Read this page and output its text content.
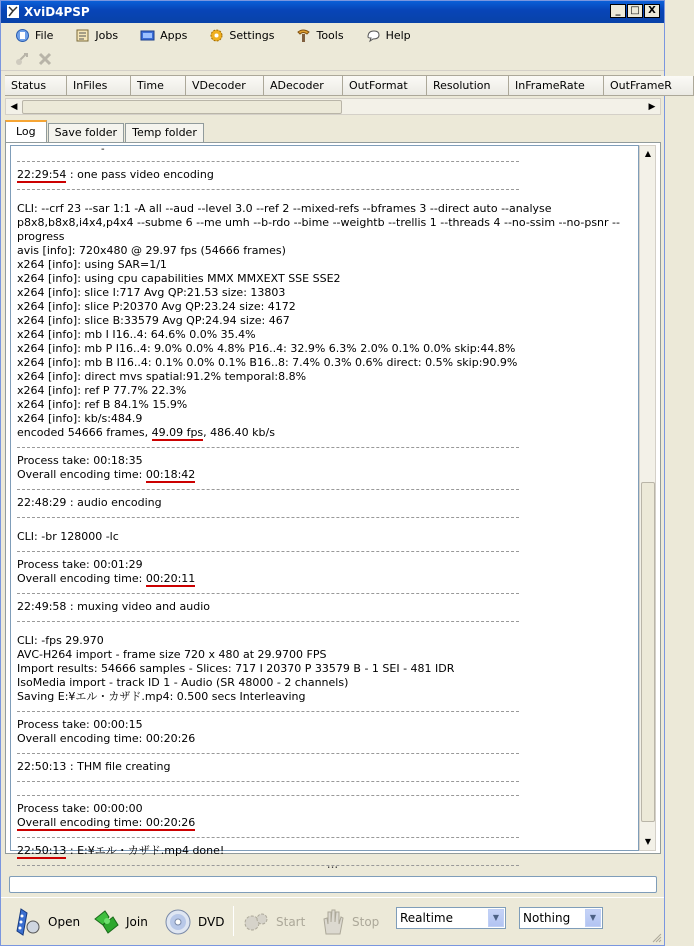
XviD4PSP	_ □ X
File	Jobs	Apps	Settings	Tools	Help
Status	InFiles	Time	VDecoder	ADecoder	OutFormat	Resolution	InFrameRate	OutFrameR
◀	▶
Log	Save folder	Temp folder
-
22:29:54 : one pass video encoding
CLI: --crf 23 --sar 1:1 -A all --aud --level 3.0 --ref 2 --mixed-refs --bframes 3 --direct auto --analyse p8x8,b8x8,i4x4,p4x4 --subme 6 --me umh --b-rdo --bime --weightb --trellis 1 --threads 4 --no-ssim --no-psnr --progress
avis [info]: 720x480 @ 29.97 fps (54666 frames)
x264 [info]: using SAR=1/1
x264 [info]: using cpu capabilities MMX MMXEXT SSE SSE2
x264 [info]: slice I:717 Avg QP:21.53 size: 13803
x264 [info]: slice P:20370 Avg QP:23.24 size: 4172
x264 [info]: slice B:33579 Avg QP:24.94 size: 467
x264 [info]: mb I I16..4: 64.6% 0.0% 35.4%
x264 [info]: mb P I16..4: 9.0% 0.0% 4.8% P16..4: 32.9% 6.3% 2.0% 0.1% 0.0% skip:44.8%
x264 [info]: mb B I16..4: 0.1% 0.0% 0.1% B16..8: 7.4% 0.3% 0.6% direct: 0.5% skip:90.9%
x264 [info]: direct mvs spatial:91.2% temporal:8.8%
x264 [info]: ref P 77.7% 22.3%
x264 [info]: ref B 84.1% 15.9%
x264 [info]: kb/s:484.9
encoded 54666 frames, 49.09 fps, 486.40 kb/s
Process take: 00:18:35
Overall encoding time: 00:18:42
22:48:29 : audio encoding
CLI: -br 128000 -lc
Process take: 00:01:29
Overall encoding time: 00:20:11
22:49:58 : muxing video and audio
CLI: -fps 29.970
AVC-H264 import - frame size 720 x 480 at 29.9700 FPS
Import results: 54666 samples - Slices: 717 I 20370 P 33579 B - 1 SEI - 481 IDR
IsoMedia import - track ID 1 - Audio (SR 48000 - 2 channels)
Saving E:¥エル・カザド.mp4: 0.500 secs Interleaving
Process take: 00:00:15
Overall encoding time: 00:20:26
22:50:13 : THM file creating
Process take: 00:00:00
Overall encoding time: 00:20:26
22:50:13 : E:¥エル・カザド.mp4 done!
▲
▼
...
Open	Join	DVD	Start	Stop	Realtime	▼	Nothing	▼
